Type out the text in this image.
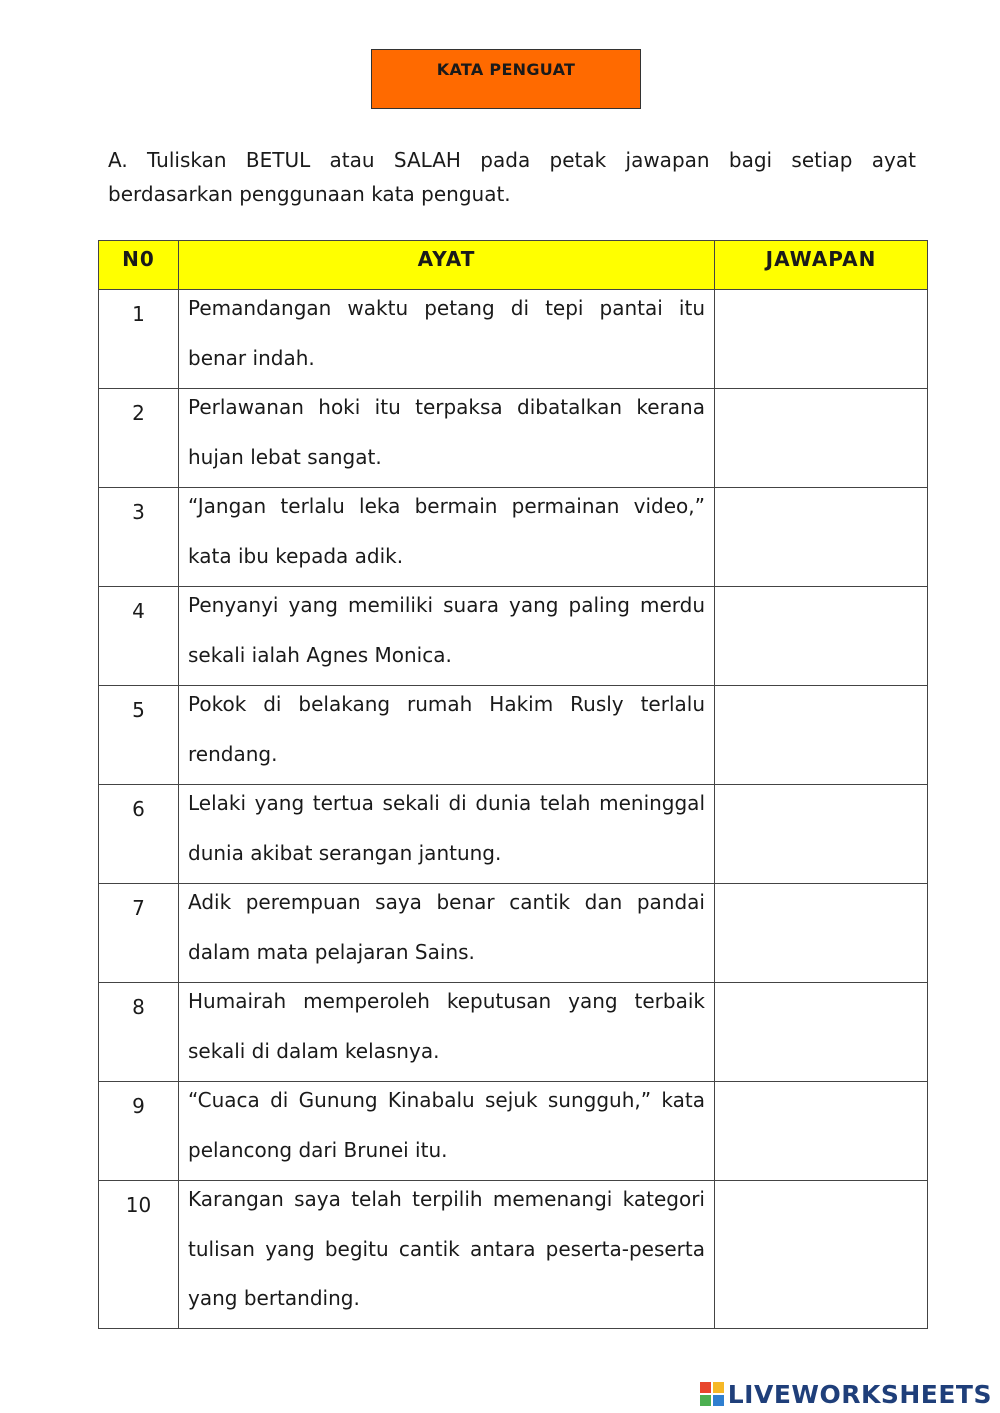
KATA PENGUAT
A. Tuliskan BETUL atau SALAH pada petak jawapan bagi setiap ayat berdasarkan penggunaan kata penguat.
N0	AYAT	JAWAPAN
1	Pemandangan waktu petang di tepi pantai itu benar indah.	

2	Perlawanan hoki itu terpaksa dibatalkan kerana hujan lebat sangat.	

3	“Jangan terlalu leka bermain permainan video,” kata ibu kepada adik.	

4	Penyanyi yang memiliki suara yang paling merdu sekali ialah Agnes Monica.	

5	Pokok di belakang rumah Hakim Rusly terlalu rendang.	

6	Lelaki yang tertua sekali di dunia telah meninggal dunia akibat serangan jantung.	

7	Adik perempuan saya benar cantik dan pandai dalam mata pelajaran Sains.	

8	Humairah memperoleh keputusan yang terbaik sekali di dalam kelasnya.	

9	“Cuaca di Gunung Kinabalu sejuk sungguh,” kata pelancong dari Brunei itu.	

10	Karangan saya telah terpilih memenangi kategori tulisan yang begitu cantik antara peserta-peserta yang bertanding.	

LIVEWORKSHEETS
